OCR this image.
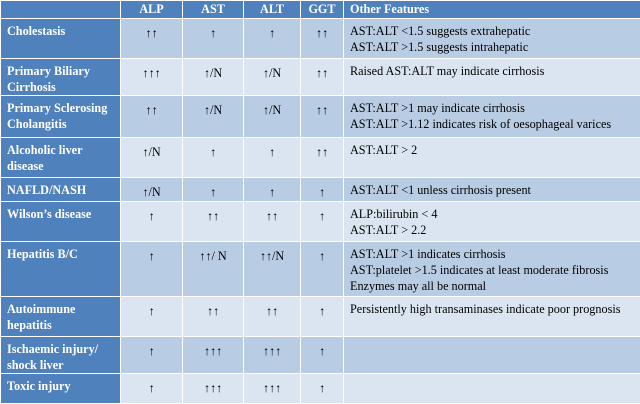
	ALP	AST	ALT	GGT	Other Features
Cholestasis	↑↑	↑	↑	↑↑	AST:ALT <1.5 suggests extrahepatic
AST:ALT >1.5 suggests intrahepatic

Primary Biliary Cirrhosis	↑↑↑	↑/N	↑/N	↑↑	Raised AST:ALT may indicate cirrhosis

Primary Sclerosing Cholangitis	↑↑	↑/N	↑/N	↑↑	AST:ALT >1 may indicate cirrhosis
AST:ALT >1.12 indicates risk of oesophageal varices

Alcoholic liver disease	↑/N	↑	↑	↑↑	AST:ALT > 2

NAFLD/NASH	↑/N	↑	↑	↑	AST:ALT <1 unless cirrhosis present

Wilson’s disease	↑	↑↑	↑↑	↑	ALP:bilirubin < 4
AST:ALT > 2.2

Hepatitis B/C	↑	↑↑/ N	↑↑/N	↑	AST:ALT >1 indicates cirrhosis
AST:platelet >1.5 indicates at least moderate fibrosis
Enzymes may all be normal

Autoimmune hepatitis	↑	↑↑	↑↑	↑	Persistently high transaminases indicate poor prognosis

Ischaemic injury/ shock liver	↑	↑↑↑	↑↑↑	↑	
Toxic injury	↑	↑↑↑	↑↑↑	↑	
